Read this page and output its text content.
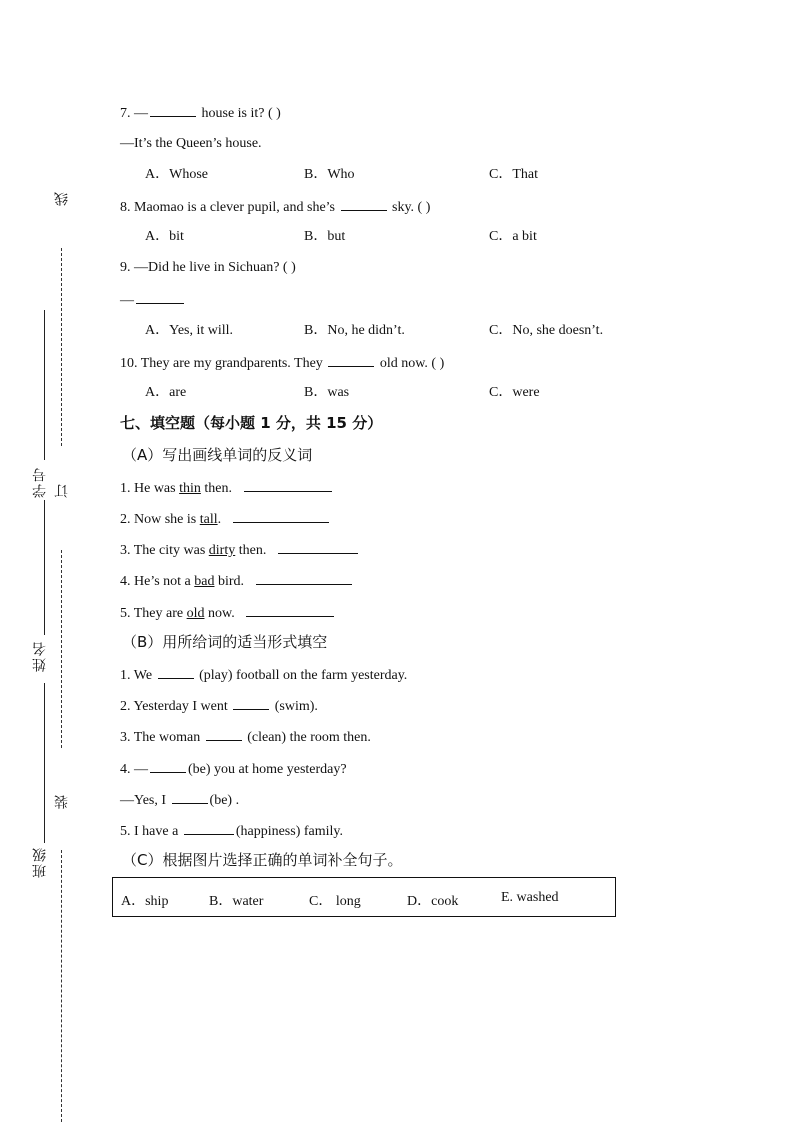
线
订
装
学号
姓名
班级
7. —	house is it? ( )
—It’s the Queen’s house.
A．Whose	B．Who	C．That
8. Maomao is a clever pupil, and she’s	sky. ( )
A．bit	B．but	C．a bit
9. —Did he live in Sichuan? ( )
—
A．Yes, it will.	B．No, he didn’t.	C．No, she doesn’t.
10. They are my grandparents. They	old now. ( )
A．are	B．was	C．were
七、填空题（每小题 1 分，共 15 分）
（A）写出画线单词的反义词
1. He was thin then.
2. Now she is tall.
3. The city was dirty then.
4. He’s not a bad bird.
5. They are old now.
（B）用所给词的适当形式填空
1. We	(play) football on the farm yesterday.
2. Yesterday I went	(swim).
3. The woman	(clean) the room then.
4. —	(be) you at home yesterday?
—Yes, I	(be) .
5. I have a	(happiness) family.
（C）根据图片选择正确的单词补全句子。
A．ship	B．water	C． long	D．cook	E. washed
